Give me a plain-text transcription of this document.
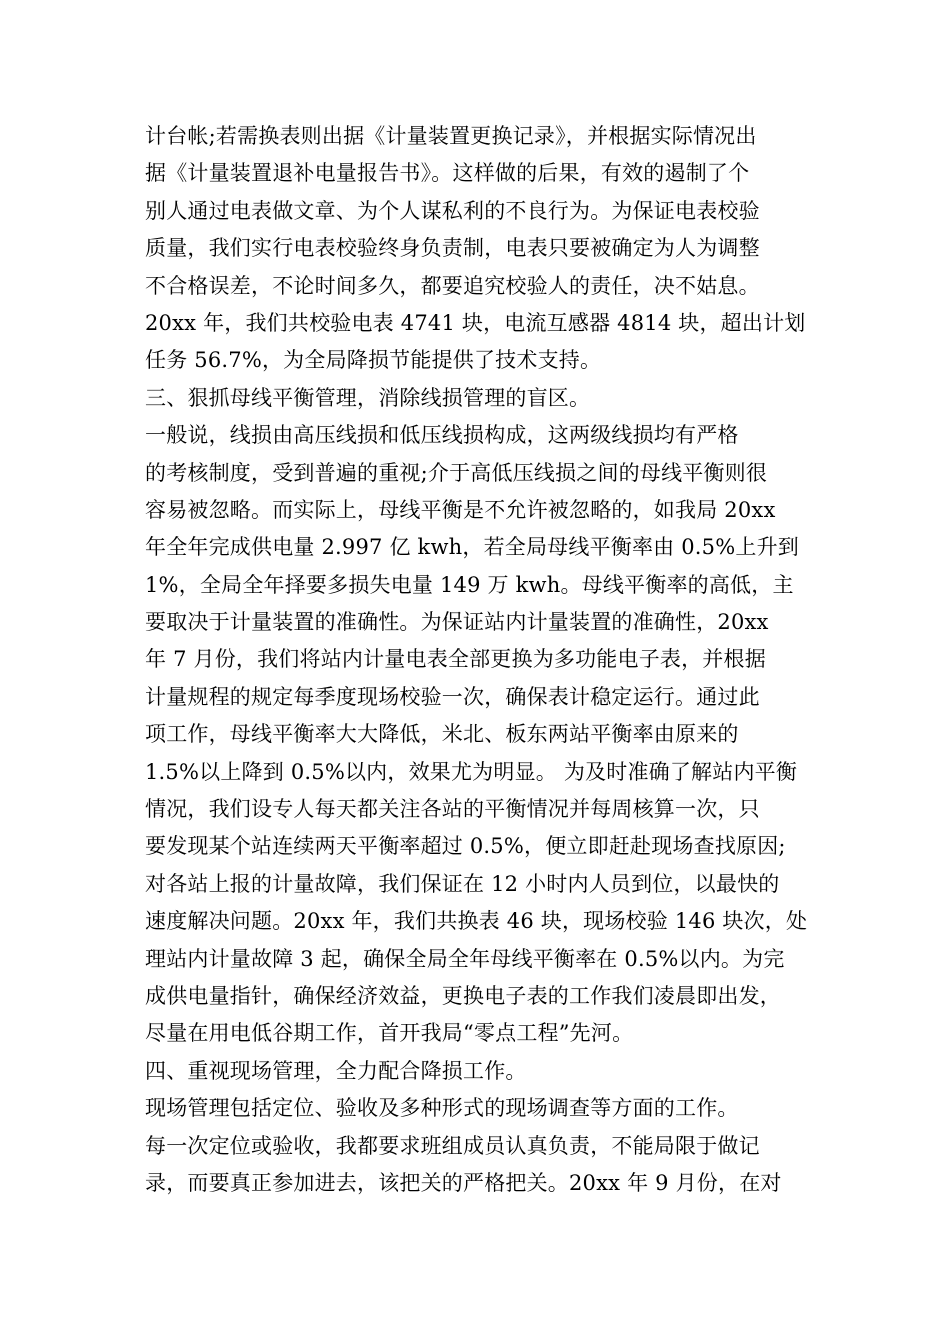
计台帐;若需换表则出据《计量装置更换记录》，并根据实际情况出
据《计量装置退补电量报告书》。这样做的后果，有效的遏制了个
别人通过电表做文章、为个人谋私利的不良行为。为保证电表校验
质量，我们实行电表校验终身负责制，电表只要被确定为人为调整
不合格误差，不论时间多久，都要追究校验人的责任，决不姑息。
20xx 年，我们共校验电表 4741 块，电流互感器 4814 块，超出计划
任务 56.7%，为全局降损节能提供了技术支持。
三、狠抓母线平衡管理，消除线损管理的盲区。
一般说，线损由高压线损和低压线损构成，这两级线损均有严格
的考核制度，受到普遍的重视;介于高低压线损之间的母线平衡则很
容易被忽略。而实际上，母线平衡是不允许被忽略的，如我局 20xx
年全年完成供电量 2.997 亿 kwh，若全局母线平衡率由 0.5%上升到
1%，全局全年择要多损失电量 149 万 kwh。母线平衡率的高低，主
要取决于计量装置的准确性。为保证站内计量装置的准确性，20xx
年 7 月份，我们将站内计量电表全部更换为多功能电子表，并根据
计量规程的规定每季度现场校验一次，确保表计稳定运行。通过此
项工作，母线平衡率大大降低，米北、板东两站平衡率由原来的
1.5%以上降到 0.5%以内，效果尤为明显。 为及时准确了解站内平衡
情况，我们设专人每天都关注各站的平衡情况并每周核算一次，只
要发现某个站连续两天平衡率超过 0.5%，便立即赶赴现场查找原因;
对各站上报的计量故障，我们保证在 12 小时内人员到位，以最快的
速度解决问题。20xx 年，我们共换表 46 块，现场校验 146 块次，处
理站内计量故障 3 起，确保全局全年母线平衡率在 0.5%以内。为完
成供电量指针，确保经济效益，更换电子表的工作我们凌晨即出发，
尽量在用电低谷期工作，首开我局“零点工程”先河。
四、重视现场管理，全力配合降损工作。
现场管理包括定位、验收及多种形式的现场调查等方面的工作。
每一次定位或验收，我都要求班组成员认真负责，不能局限于做记
录，而要真正参加进去，该把关的严格把关。20xx 年 9 月份，在对
